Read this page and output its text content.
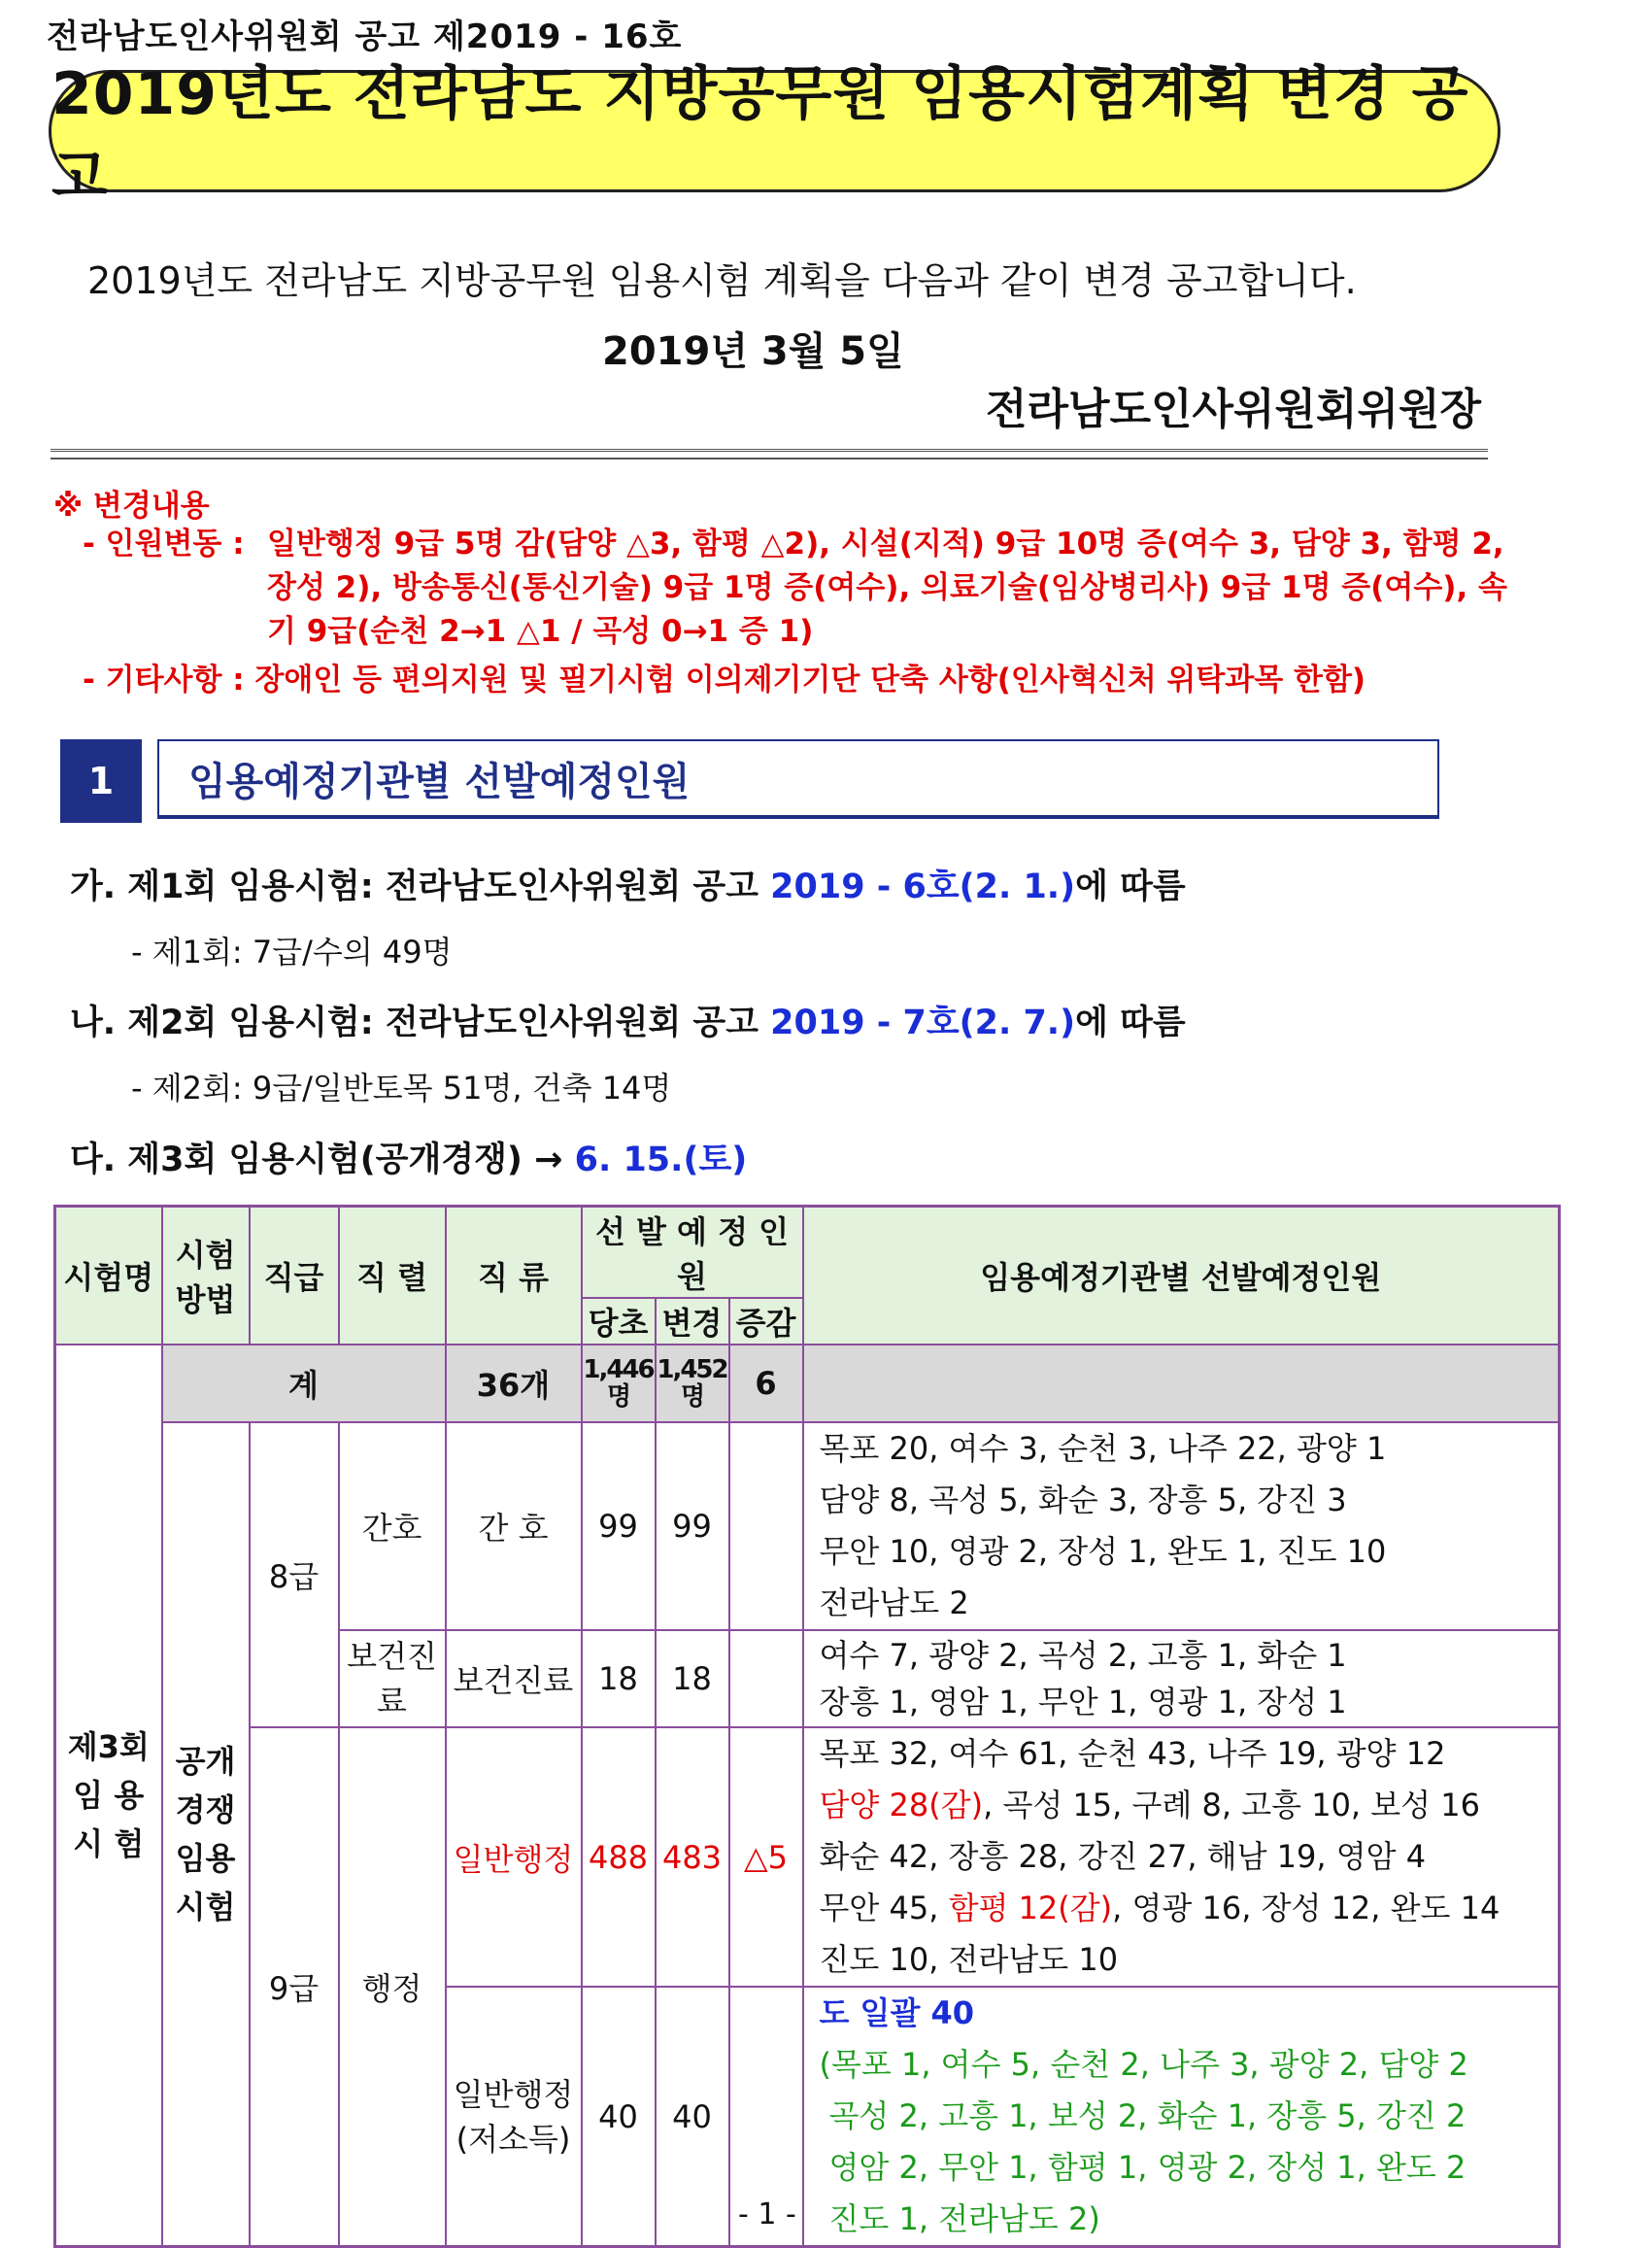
전라남도인사위원회 공고 제2019 - 16호
2019년도 전라남도 지방공무원 임용시험계획 변경 공고
2019년도 전라남도 지방공무원 임용시험 계획을 다음과 같이 변경 공고합니다.
2019년 3월 5일
전라남도인사위원회위원장
※ 변경내용
- 인원변동 : 일반행정 9급 5명 감(담양 △3, 함평 △2), 시설(지적) 9급 10명 증(여수 3, 담양 3, 함평 2, 장성 2), 방송통신(통신기술) 9급 1명 증(여수), 의료기술(임상병리사) 9급 1명 증(여수), 속기 9급(순천 2→1 △1 / 곡성 0→1 증 1)
- 기타사항 : 장애인 등 편의지원 및 필기시험 이의제기기단 단축 사항(인사혁신처 위탁과목 한함)
1	임용예정기관별 선발예정인원
가. 제1회 임용시험: 전라남도인사위원회 공고 2019 - 6호(2. 1.)에 따름
- 제1회: 7급/수의 49명
나. 제2회 임용시험: 전라남도인사위원회 공고 2019 - 7호(2. 7.)에 따름
- 제2회: 9급/일반토목 51명, 건축 14명
다. 제3회 임용시험(공개경쟁) → 6. 15.(토)
시험명	시험방법	직급	직 렬	직 류	선 발 예 정 인 원			임용예정기관별 선발예정인원
					당초	변경	증감	
제3회 임 용 시 험	계			36개	1,446명	1,452명	6	
	공개경쟁임용시험	8급	간호	간 호	99	99		목포 20, 여수 3, 순천 3, 나주 22, 광양 1
담양 8, 곡성 5, 화순 3, 장흥 5, 강진 3
무안 10, 영광 2, 장성 1, 완도 1, 진도 10
전라남도 2

			보건진료	보건진료	18	18		여수 7, 광양 2, 곡성 2, 고흥 1, 화순 1
장흥 1, 영암 1, 무안 1, 영광 1, 장성 1

		9급	행정	일반행정	488	483	△5	목포 32, 여수 61, 순천 43, 나주 19, 광양 12
담양 28(감), 곡성 15, 구례 8, 고흥 10, 보성 16
화순 42, 장흥 28, 강진 27, 해남 19, 영암 4
무안 45, 함평 12(감), 영광 16, 장성 12, 완도 14
진도 10, 전라남도 10

				일반행정(저소득)	40	40		도 일괄 40
(목포 1, 여수 5, 순천 2, 나주 3, 광양 2, 담양 2
곡성 2, 고흥 1, 보성 2, 화순 1, 장흥 5, 강진 2
영암 2, 무안 1, 함평 1, 영광 2, 장성 1, 완도 2
진도 1, 전라남도 2)
- 1 -
